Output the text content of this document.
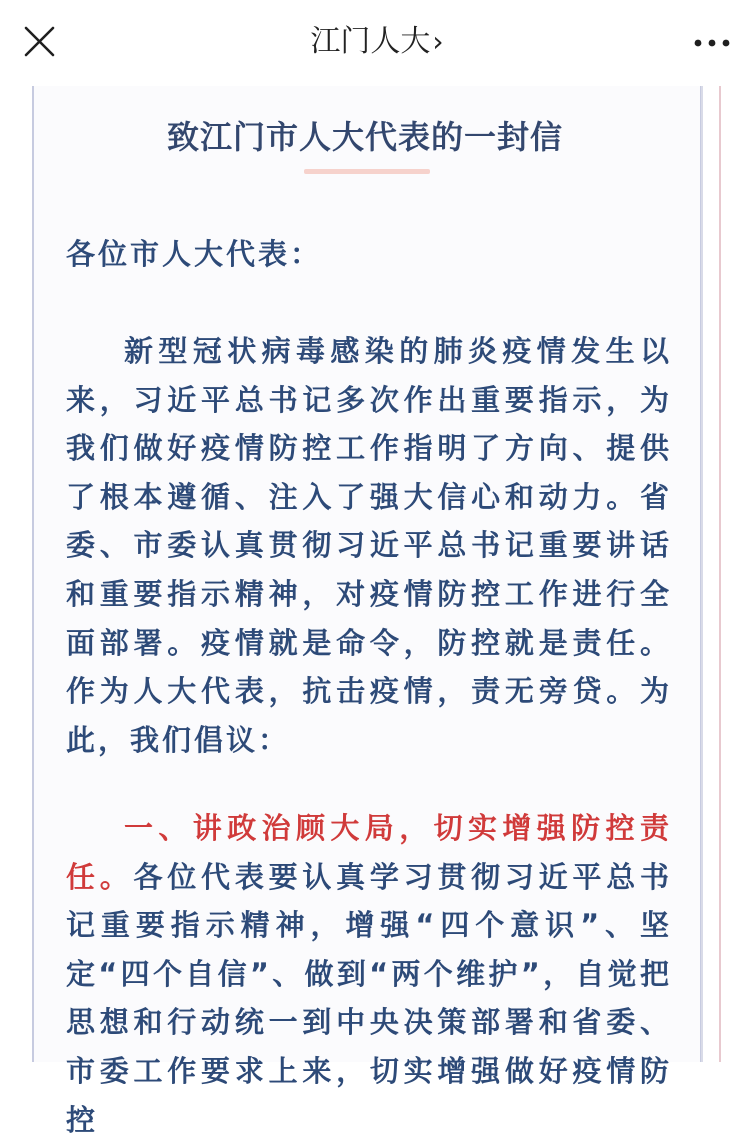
江门人大›
致江门市人大代表的一封信
各位市人大代表：

新型冠状病毒感染的肺炎疫情发生以来，习近平总书记多次作出重要指示，为我们做好疫情防控工作指明了方向、提供了根本遵循、注入了强大信心和动力。省委、市委认真贯彻习近平总书记重要讲话和重要指示精神，对疫情防控工作进行全面部署。疫情就是命令，防控就是责任。作为人大代表，抗击疫情，责无旁贷。为此，我们倡议：

一、讲政治顾大局，切实增强防控责任。各位代表要认真学习贯彻习近平总书记重要指示精神，增强“四个意识”、坚定“四个自信”、做到“两个维护”，自觉把思想和行动统一到中央决策部署和省委、市委工作要求上来，切实增强做好疫情防控
